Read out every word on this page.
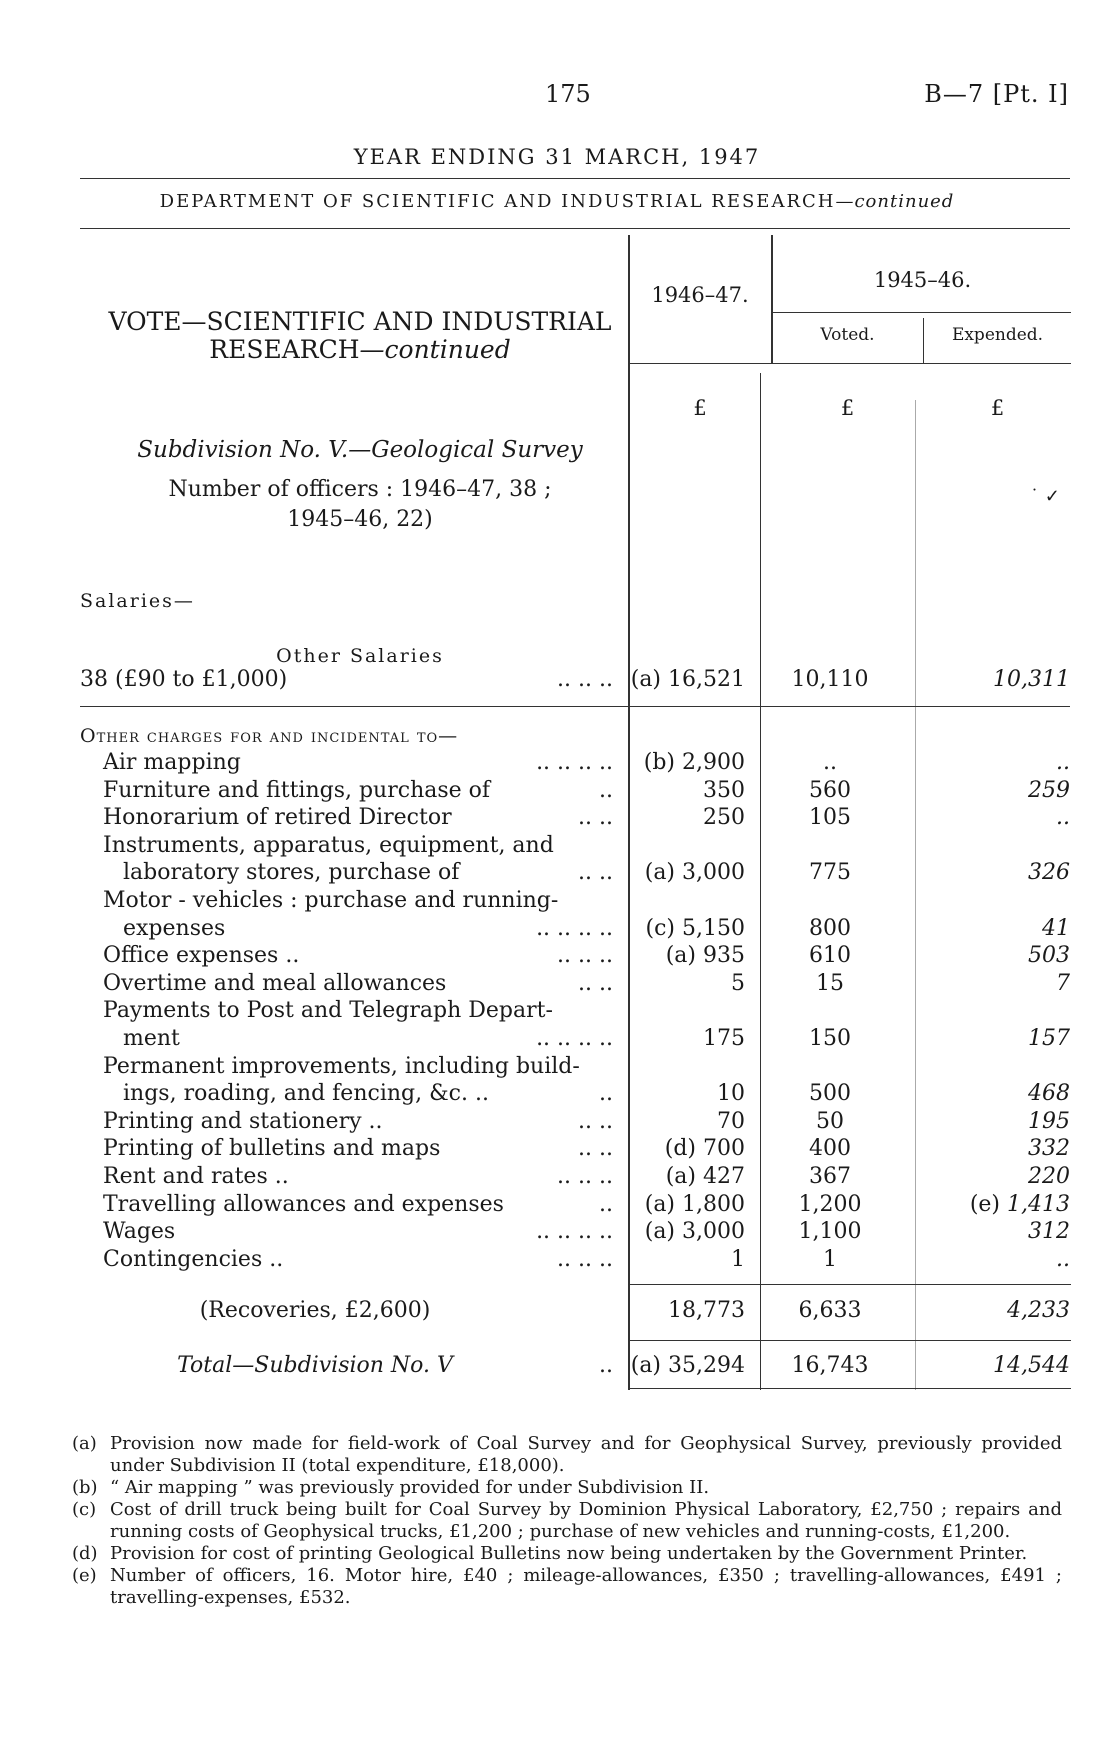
175	B—7 [Pt. I]
YEAR ENDING 31 MARCH, 1947
DEPARTMENT OF SCIENTIFIC AND INDUSTRIAL RESEARCH—continued
VOTE—SCIENTIFIC AND INDUSTRIAL
RESEARCH—continued
1946–47.
1945–46.
Voted.	Expended.
£	£	£
Subdivision No. V.—Geological Survey
Number of officers : 1946–47, 38 ;
1945–46, 22)
˙ ✓
Salaries—
Other Salaries
38 (£90 to £1,000)	.. .. .. (a) 16,521	10,110	10,311
Other charges for and incidental to—
Air mapping	.. .. .. ..	(b) 2,900	..	..
Furniture and fittings, purchase of	..	350	560	259
Honorarium of retired Director	.. ..	250	105	..
Instruments, apparatus, equipment, and
laboratory stores, purchase of	.. ..	(a) 3,000	775	326
Motor - vehicles : purchase and running-
expenses	.. .. .. ..	(c) 5,150	800	41
Office expenses ..	.. .. ..	(a) 935	610	503
Overtime and meal allowances	.. ..	5	15	7
Payments to Post and Telegraph Depart-
ment	.. .. .. ..	175	150	157
Permanent improvements, including build-
ings, roading, and fencing, &c. ..	..	10	500	468
Printing and stationery ..	.. ..	70	50	195
Printing of bulletins and maps	.. ..	(d) 700	400	332
Rent and rates ..	.. .. ..	(a) 427	367	220
Travelling allowances and expenses	..	(a) 1,800	1,200	(e) 1,413
Wages	.. .. .. ..	(a) 3,000	1,100	312
Contingencies ..	.. .. ..	1	1	..
(Recoveries, £2,600)	18,773	6,633	4,233
Total—Subdivision No. V	.. (a) 35,294	16,743	14,544

(a) Provision now made for field-work of Coal Survey and for Geophysical Survey, previously provided under Subdivision II (total expenditure, £18,000).

(b) “ Air mapping ” was previously provided for under Subdivision II.

(c) Cost of drill truck being built for Coal Survey by Dominion Physical Laboratory, £2,750 ; repairs and running costs of Geophysical trucks, £1,200 ; purchase of new vehicles and running-costs, £1,200.

(d) Provision for cost of printing Geological Bulletins now being undertaken by the Government Printer.

(e) Number of officers, 16. Motor hire, £40 ; mileage-allowances, £350 ; travelling-allowances, £491 ; travelling-expenses, £532.
